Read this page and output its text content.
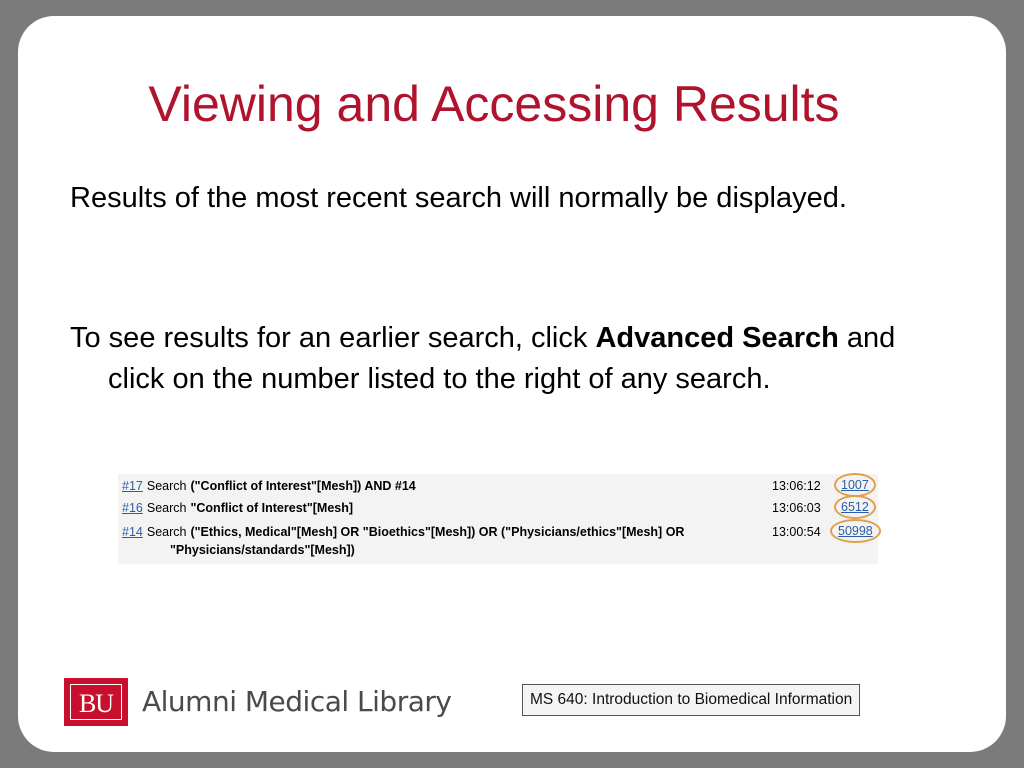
Viewing and Accessing Results
Results of the most recent search will normally be displayed.
To see results for an earlier search, click Advanced Search and click on the number listed to the right of any search.
#17 Search ("Conflict of Interest"[Mesh]) AND #14	13:06:12	1007
#16 Search "Conflict of Interest"[Mesh]	13:06:03	6512
#14 Search ("Ethics, Medical"[Mesh] OR "Bioethics"[Mesh]) OR ("Physicians/ethics"[Mesh] OR	13:00:54	50998
"Physicians/standards"[Mesh])
BU	Alumni Medical Library	MS 640: Introduction to Biomedical Information
